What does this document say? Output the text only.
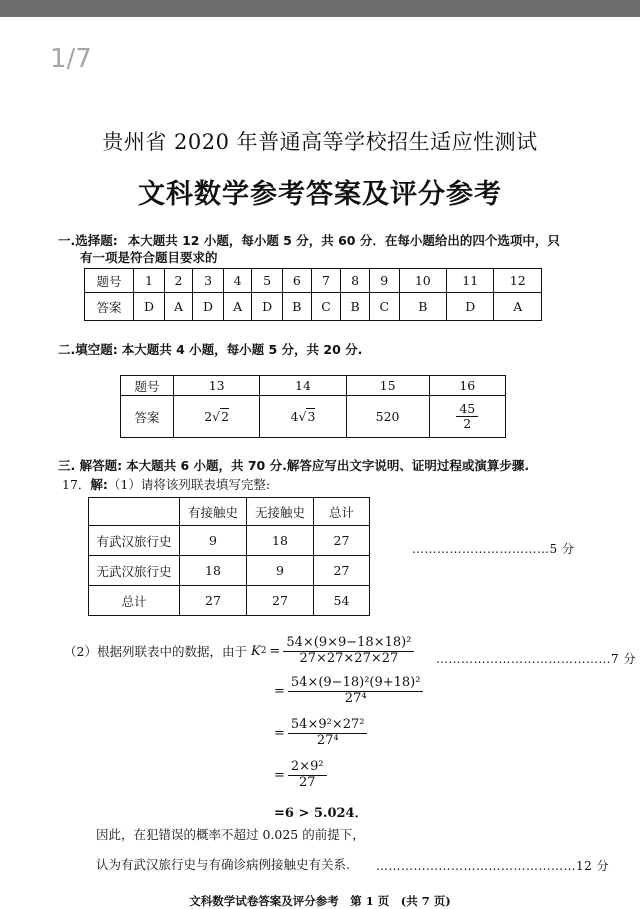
1/7
贵州省 2020 年普通高等学校招生适应性测试
文科数学参考答案及评分参考
一.选择题: 本大题共 12 小题，每小题 5 分，共 60 分．在每小题给出的四个选项中，只
有一项是符合题目要求的
题号	1	2	3	4	5	6	7	8	9	10	11	12
答案	D	A	D	A	D	B	C	B	C	B	D	A
二.填空题: 本大题共 4 小题，每小题 5 分，共 20 分.
题号	13	14	15	16
答案	2√2	4√3	520	$\frac{45}{2}$
三. 解答题: 本大题共 6 小题，共 70 分.解答应写出文字说明、证明过程或演算步骤.
17．解:（1）请将该列联表填写完整:
	有接触史	无接触史	总计
有武汉旅行史	9	18	27
无武汉旅行史	18	9	27
总计	27	27	54
……………………………5 分
（2）根据列联表中的数据，由于 K $2 = \frac{\text{54×(9×9−18×18)²}}{27\times 27\times 27\times 27}$ ……………………………………7 分
= $\frac{\text{54×(9−18)²(9+18)²}}{\text{27⁴}}$
= $\frac{\text{54×9²×27²}}{\text{27⁴}}$
= $\frac{\text{2×9²}}{27}$
=6 > 5.024．
因此，在犯错误的概率不超过 0.025 的前提下，
认为有武汉旅行史与有确诊病例接触史有关系. …………………………………………12 分
文科数学试卷答案及评分参考　第 1 页　(共 7 页)
